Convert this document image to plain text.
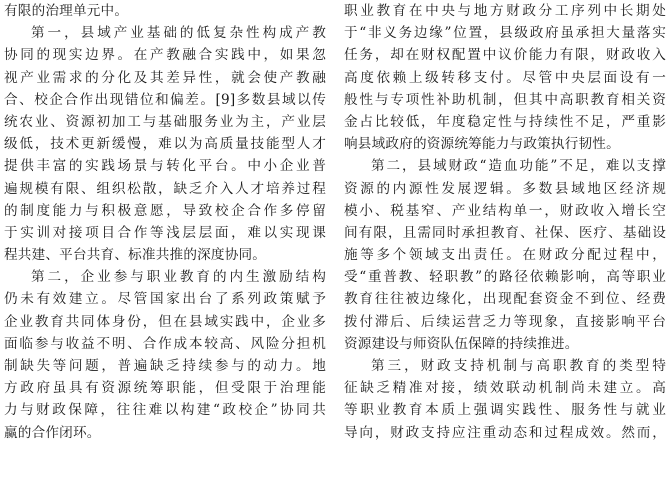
有限的治理单元中。
第一，县域产业基础的低复杂性构成产教
协同的现实边界。在产教融合实践中，如果忽
视产业需求的分化及其差异性，就会使产教融
合、校企合作出现错位和偏差。[9]多数县域以传
统农业、资源初加工与基础服务业为主，产业层
级低，技术更新缓慢，难以为高质量技能型人才
提供丰富的实践场景与转化平台。中小企业普
遍规模有限、组织松散，缺乏介入人才培养过程
的制度能力与积极意愿，导致校企合作多停留
于实训对接项目合作等浅层层面，难以实现课
程共建、平台共育、标准共推的深度协同。
第二，企业参与职业教育的内生激励结构
仍未有效建立。尽管国家出台了系列政策赋予
企业教育共同体身份，但在县域实践中，企业多
面临参与收益不明、合作成本较高、风险分担机
制缺失等问题，普遍缺乏持续参与的动力。地
方政府虽具有资源统筹职能，但受限于治理能
力与财政保障，往往难以构建“政校企”协同共
赢的合作闭环。
职业教育在中央与地方财政分工序列中长期处
于“非义务边缘”位置，县级政府虽承担大量落实
任务，却在财权配置中议价能力有限，财政收入
高度依赖上级转移支付。尽管中央层面设有一
般性与专项性补助机制，但其中高职教育相关资
金占比较低，年度稳定性与持续性不足，严重影
响县域政府的资源统筹能力与政策执行韧性。
第二，县域财政“造血功能”不足，难以支撑
资源的内源性发展逻辑。多数县域地区经济规
模小、税基窄、产业结构单一，财政收入增长空
间有限，且需同时承担教育、社保、医疗、基础设
施等多个领域支出责任。在财政分配过程中，
受“重普教、轻职教”的路径依赖影响，高等职业
教育往往被边缘化，出现配套资金不到位、经费
拨付滞后、后续运营乏力等现象，直接影响平台
资源建设与师资队伍保障的持续推进。
第三，财政支持机制与高职教育的类型特
征缺乏精准对接，绩效联动机制尚未建立。高
等职业教育本质上强调实践性、服务性与就业
导向，财政支持应注重动态和过程成效。然而，
